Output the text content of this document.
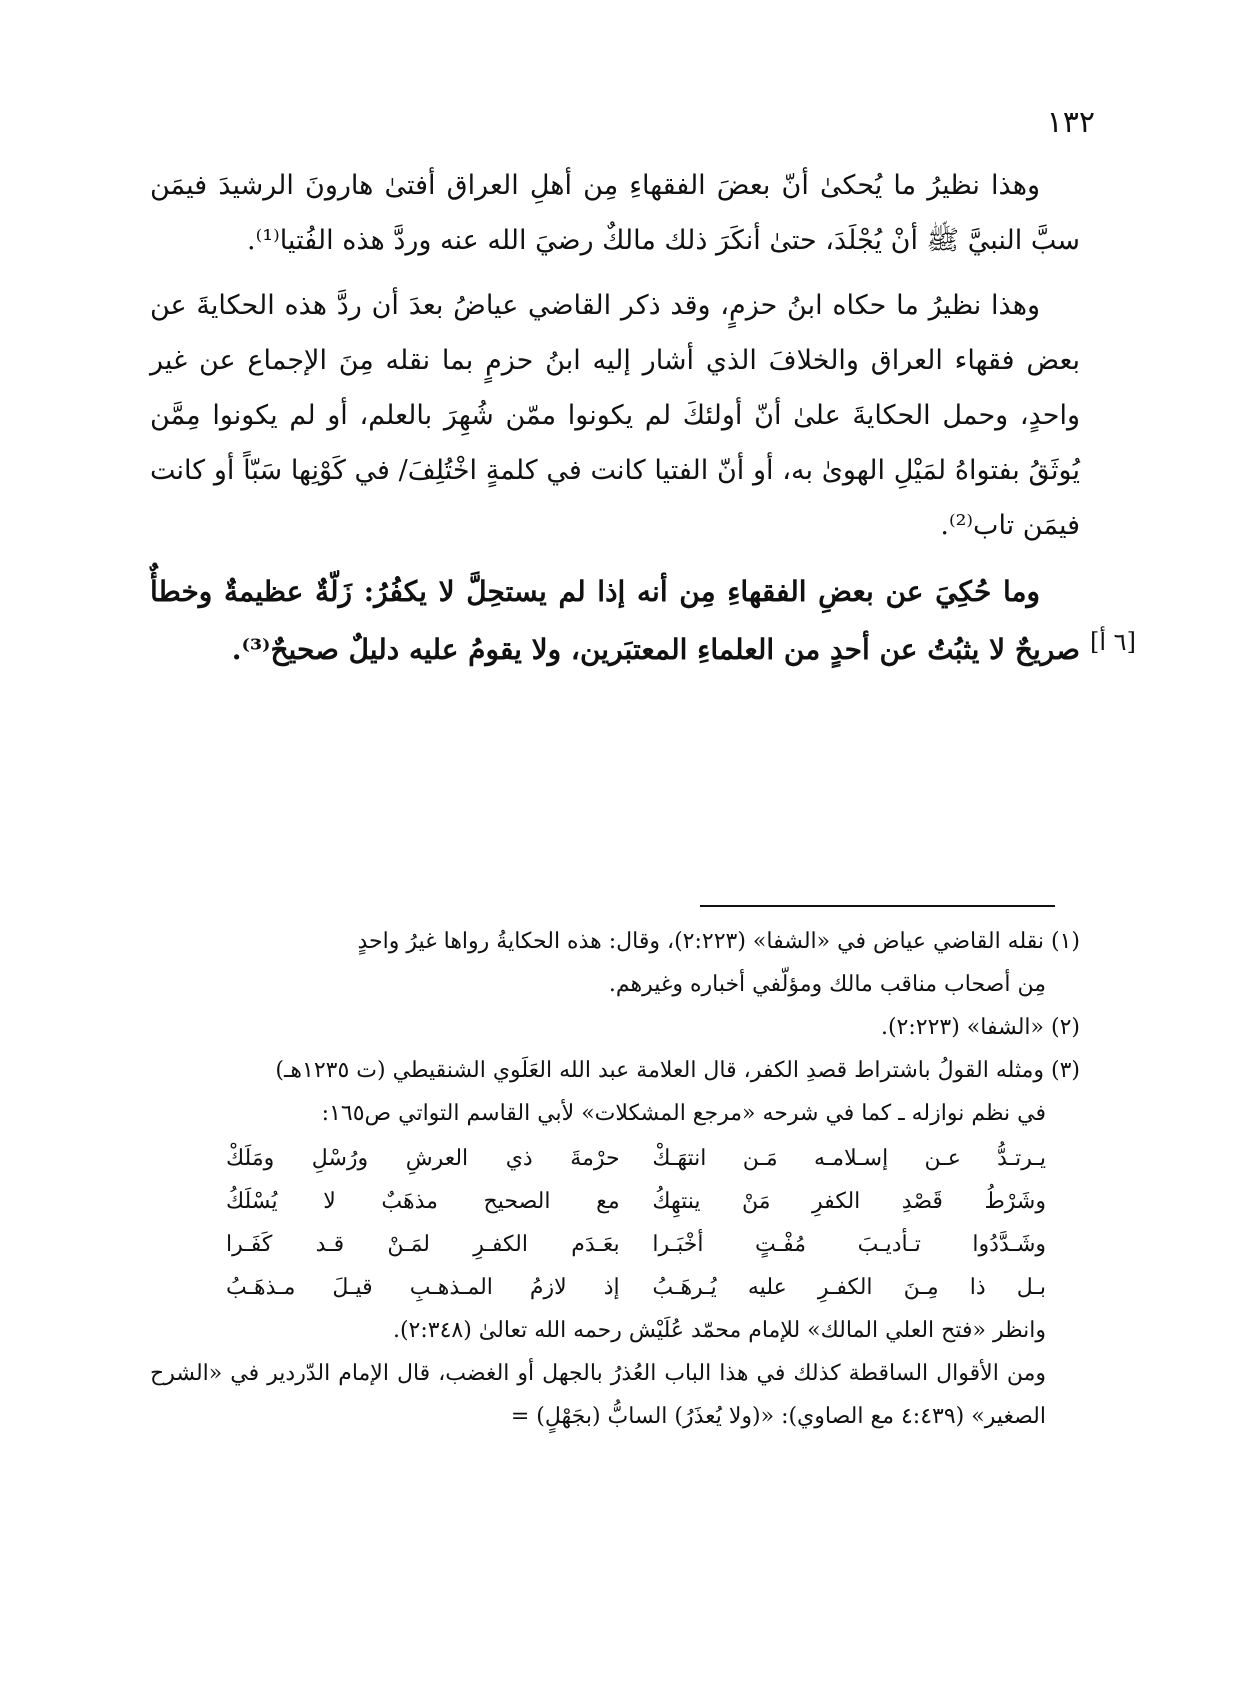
١٣٢

وهذا نظيرُ ما يُحكىٰ أنّ بعضَ الفقهاءِ مِن أهلِ العراق أفتىٰ هارونَ الرشيدَ فيمَن سبَّ النبيَّ ﷺ أنْ يُجْلَدَ، حتىٰ أنكَرَ ذلك مالكٌ رضيَ الله عنه وردَّ هذه الفُتيا⁽¹⁾.

وهذا نظيرُ ما حكاه ابنُ حزمٍ، وقد ذكر القاضي عياضُ بعدَ أن ردَّ هذه الحكايةَ عن بعض فقهاء العراق والخلافَ الذي أشار إليه ابنُ حزمٍ بما نقله مِنَ الإجماع عن غير واحدٍ، وحمل الحكايةَ علىٰ أنّ أولئكَ لم يكونوا ممّن شُهِرَ بالعلم، أو لم يكونوا مِمَّن يُوثَقُ بفتواهُ لمَيْلِ الهوىٰ به، أو أنّ الفتيا كانت في كلمةٍ اخْتُلِفَ/ في كَوْنِها سَبّاً أو كانت فيمَن تاب⁽²⁾.

وما حُكِيَ عن بعضِ الفقهاءِ مِن أنه إذا لم يستحِلَّ لا يكفُرُ: زَلّةٌ عظيمةٌ وخطأٌ صريحٌ لا يثبُتُ عن أحدٍ من العلماءِ المعتبَرين، ولا يقومُ عليه دليلٌ صحيحٌ⁽³⁾. [٦ أ]

(١) نقله القاضي عياض في «الشفا» (٢:٢٢٣)، وقال: هذه الحكايةُ رواها غيرُ واحدٍ

مِن أصحاب مناقب مالك ومؤلّفي أخباره وغيرهم.

(٢) «الشفا» (٢:٢٢٣).

(٣) ومثله القولُ باشتراط قصدِ الكفر، قال العلامة عبد الله العَلَوي الشنقيطي (ت ١٢٣٥هـ)

في نظم نوازله ـ كما في شرحه «مرجع المشكلات» لأبي القاسم التواتي ص١٦٥:

يـرتـدُّ عـن إسـلامـه مَـن انتهَـكْ		حرْمةَ ذي العرشِ ورُسْلِ ومَلَكْ
وشَرْطُ قَصْدِ الكفرِ مَنْ ينتهِكُ		مع الصحيح مذهَبٌ لا يُسْلَكُ
وشَـدَّدُوا تـأديـبَ مُفْـتٍ أخْبَـرا		بعَـدَم الكفـرِ لمَـنْ قـد كَفَـرا
بـل ذا مِـنَ الكفـرِ عليه يُـرهَـبُ		إذ لازمُ المـذهـبِ قيـلَ مـذهَـبُ

وانظر «فتح العلي المالك» للإمام محمّد عُلَيْش رحمه الله تعالىٰ (٢:٣٤٨).

ومن الأقوال الساقطة كذلك في هذا الباب العُذرُ بالجهل أو الغضب، قال الإمام الدّردير في «الشرح الصغير» (٤:٤٣٩ مع الصاوي): «(ولا يُعذَرُ) السابُّ (بجَهْلٍ) =
